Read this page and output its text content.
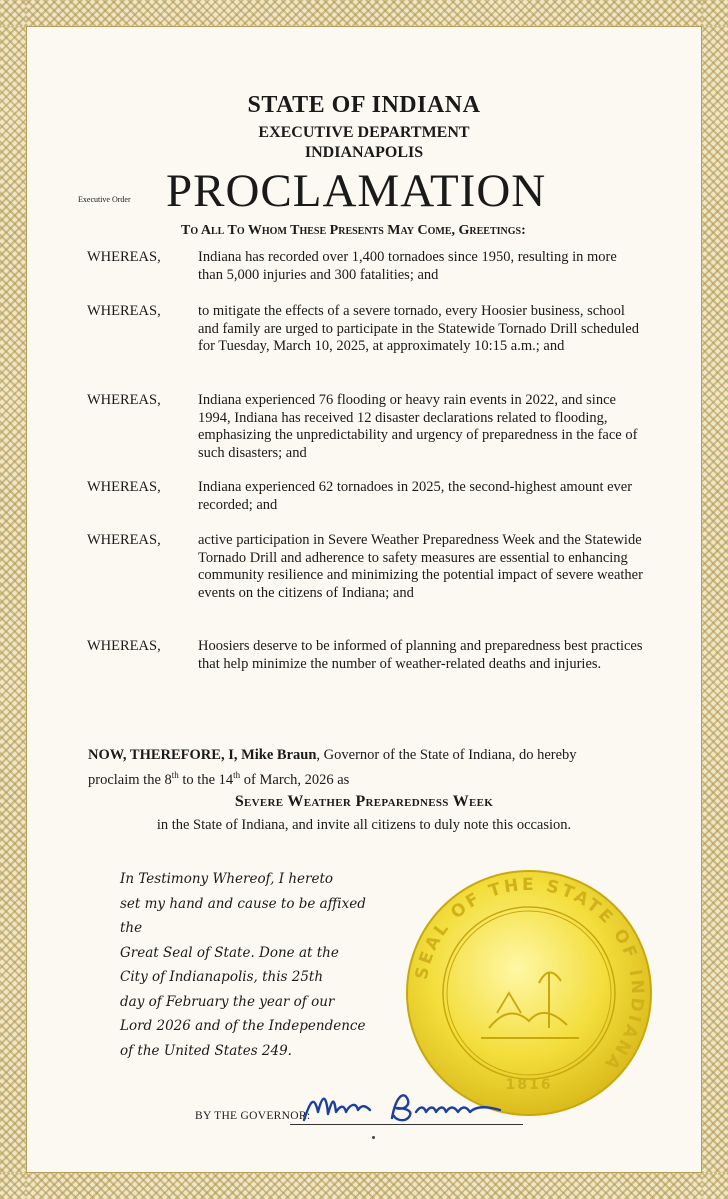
STATE OF INDIANA
EXECUTIVE DEPARTMENT
INDIANAPOLIS
Executive Order PROCLAMATION
To All To Whom These Presents May Come, Greetings:
WHEREAS,	Indiana has recorded over 1,400 tornadoes since 1950, resulting in more than 5,000 injuries and 300 fatalities; and
WHEREAS,	to mitigate the effects of a severe tornado, every Hoosier business, school and family are urged to participate in the Statewide Tornado Drill scheduled for Tuesday, March 10, 2025, at approximately 10:15 a.m.; and
WHEREAS,	Indiana experienced 76 flooding or heavy rain events in 2022, and since 1994, Indiana has received 12 disaster declarations related to flooding, emphasizing the unpredictability and urgency of preparedness in the face of such disasters; and
WHEREAS,	Indiana experienced 62 tornadoes in 2025, the second-highest amount ever recorded; and
WHEREAS,	active participation in Severe Weather Preparedness Week and the Statewide Tornado Drill and adherence to safety measures are essential to enhancing community resilience and minimizing the potential impact of severe weather events on the citizens of Indiana; and
WHEREAS,	Hoosiers deserve to be informed of planning and preparedness best practices that help minimize the number of weather-related deaths and injuries.
NOW, THEREFORE, I, Mike Braun, Governor of the State of Indiana, do hereby
proclaim the 8th to the 14th of March, 2026 as
Severe Weather Preparedness Week
in the State of Indiana, and invite all citizens to duly note this occasion.
In Testimony Whereof, I hereto
set my hand and cause to be affixed the
Great Seal of State. Done at the
City of Indianapolis, this 25th
day of February the year of our
Lord 2026 and of the Independence
of the United States 249.
SEAL OF THE STATE OF INDIANA
1816
BY THE GOVERNOR:
